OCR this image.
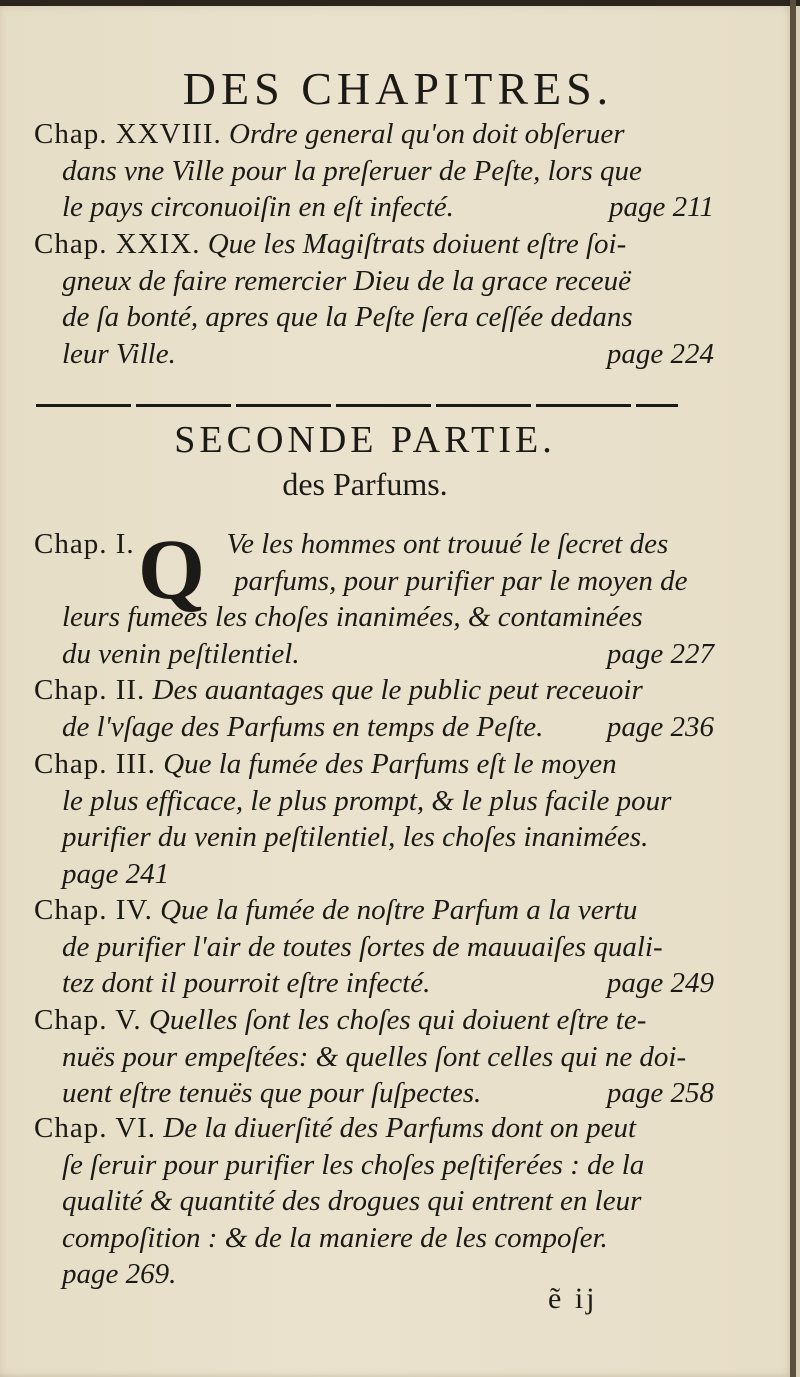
DES CHAPITRES.
Chap. XXVIII. Ordre general qu'on doit obſeruer
dans vne Ville pour la preſeruer de Peſte, lors que
le pays circonuoiſin en eſt infecté.	page 211
Chap. XXIX. Que les Magiſtrats doiuent eſtre ſoi-
gneux de faire remercier Dieu de la grace receuë
de ſa bonté, apres que la Peſte ſera ceſſée dedans
leur Ville.	page 224
SECONDE PARTIE.
des Parfums.
Q
Chap. I.	Ve les hommes ont trouué le ſecret des
parfums, pour purifier par le moyen de
leurs fumees les choſes inanimées, & contaminées
du venin peſtilentiel.	page 227
Chap. II. Des auantages que le public peut receuoir
de l'vſage des Parfums en temps de Peſte. page 236
Chap. III. Que la fumée des Parfums eſt le moyen
le plus efficace, le plus prompt, & le plus facile pour
purifier du venin peſtilentiel, les choſes inanimées.
page 241
Chap. IV. Que la fumée de noſtre Parfum a la vertu
de purifier l'air de toutes ſortes de mauuaiſes quali-
tez dont il pourroit eſtre infecté.	page 249
Chap. V. Quelles ſont les choſes qui doiuent eſtre te-
nuës pour empeſtées: & quelles ſont celles qui ne doi-
uent eſtre tenuës que pour ſuſpectes.	page 258
Chap. VI. De la diuerſité des Parfums dont on peut
ſe ſeruir pour purifier les choſes peſtiferées : de la
qualité & quantité des drogues qui entrent en leur
compoſition : & de la maniere de les compoſer.
page 269.
ẽ ij
